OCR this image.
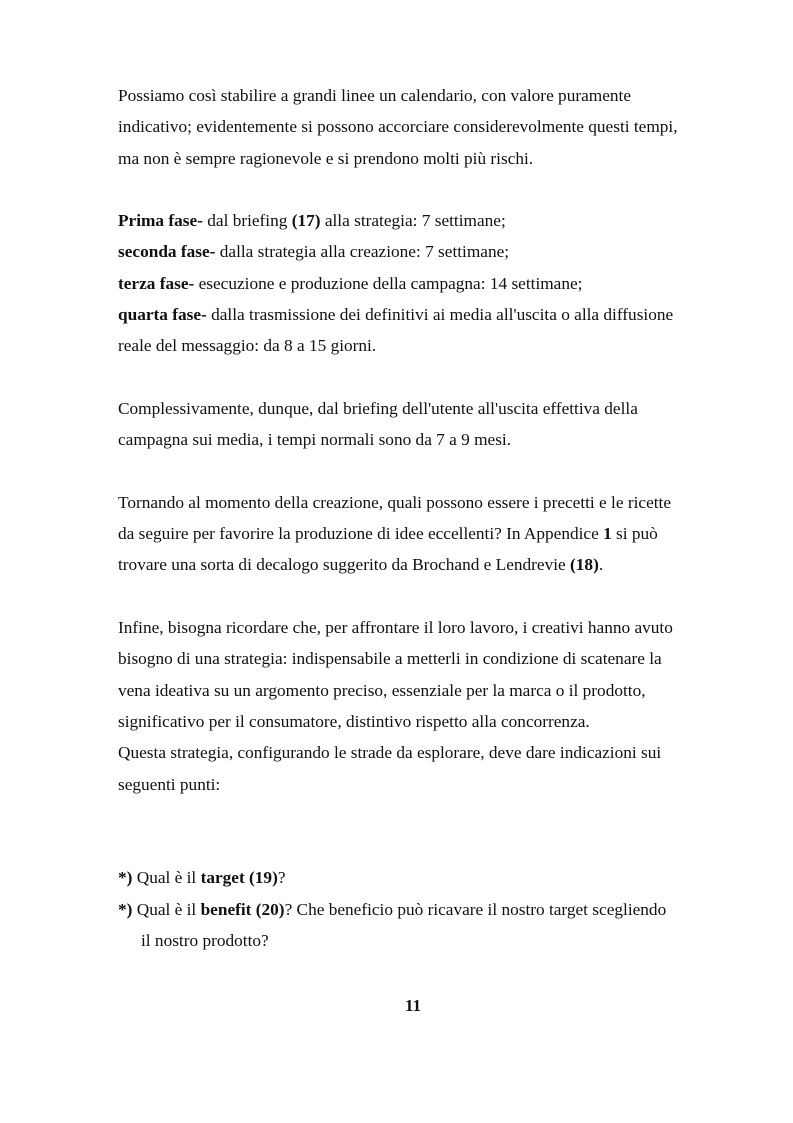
Possiamo così stabilire a grandi linee un calendario, con valore puramente
indicativo; evidentemente si possono accorciare considerevolmente questi tempi,
ma non è sempre ragionevole e si prendono molti più rischi.
Prima fase- dal briefing (17) alla strategia: 7 settimane;
seconda fase- dalla strategia alla creazione: 7 settimane;
terza fase- esecuzione e produzione della campagna: 14 settimane;
quarta fase- dalla trasmissione dei definitivi ai media all'uscita o alla diffusione
reale del messaggio: da 8 a 15 giorni.
Complessivamente, dunque, dal briefing dell'utente all'uscita effettiva della
campagna sui media, i tempi normali sono da 7 a 9 mesi.
Tornando al momento della creazione, quali possono essere i precetti e le ricette
da seguire per favorire la produzione di idee eccellenti? In Appendice 1 si può
trovare una sorta di decalogo suggerito da Brochand e Lendrevie (18).
Infine, bisogna ricordare che, per affrontare il loro lavoro, i creativi hanno avuto
bisogno di una strategia: indispensabile a metterli in condizione di scatenare la
vena ideativa su un argomento preciso, essenziale per la marca o il prodotto,
significativo per il consumatore, distintivo rispetto alla concorrenza.
Questa strategia, configurando le strade da esplorare, deve dare indicazioni sui
seguenti punti:
*) Qual è il target (19)?
*) Qual è il benefit (20)? Che beneficio può ricavare il nostro target scegliendo
il nostro prodotto?
11
